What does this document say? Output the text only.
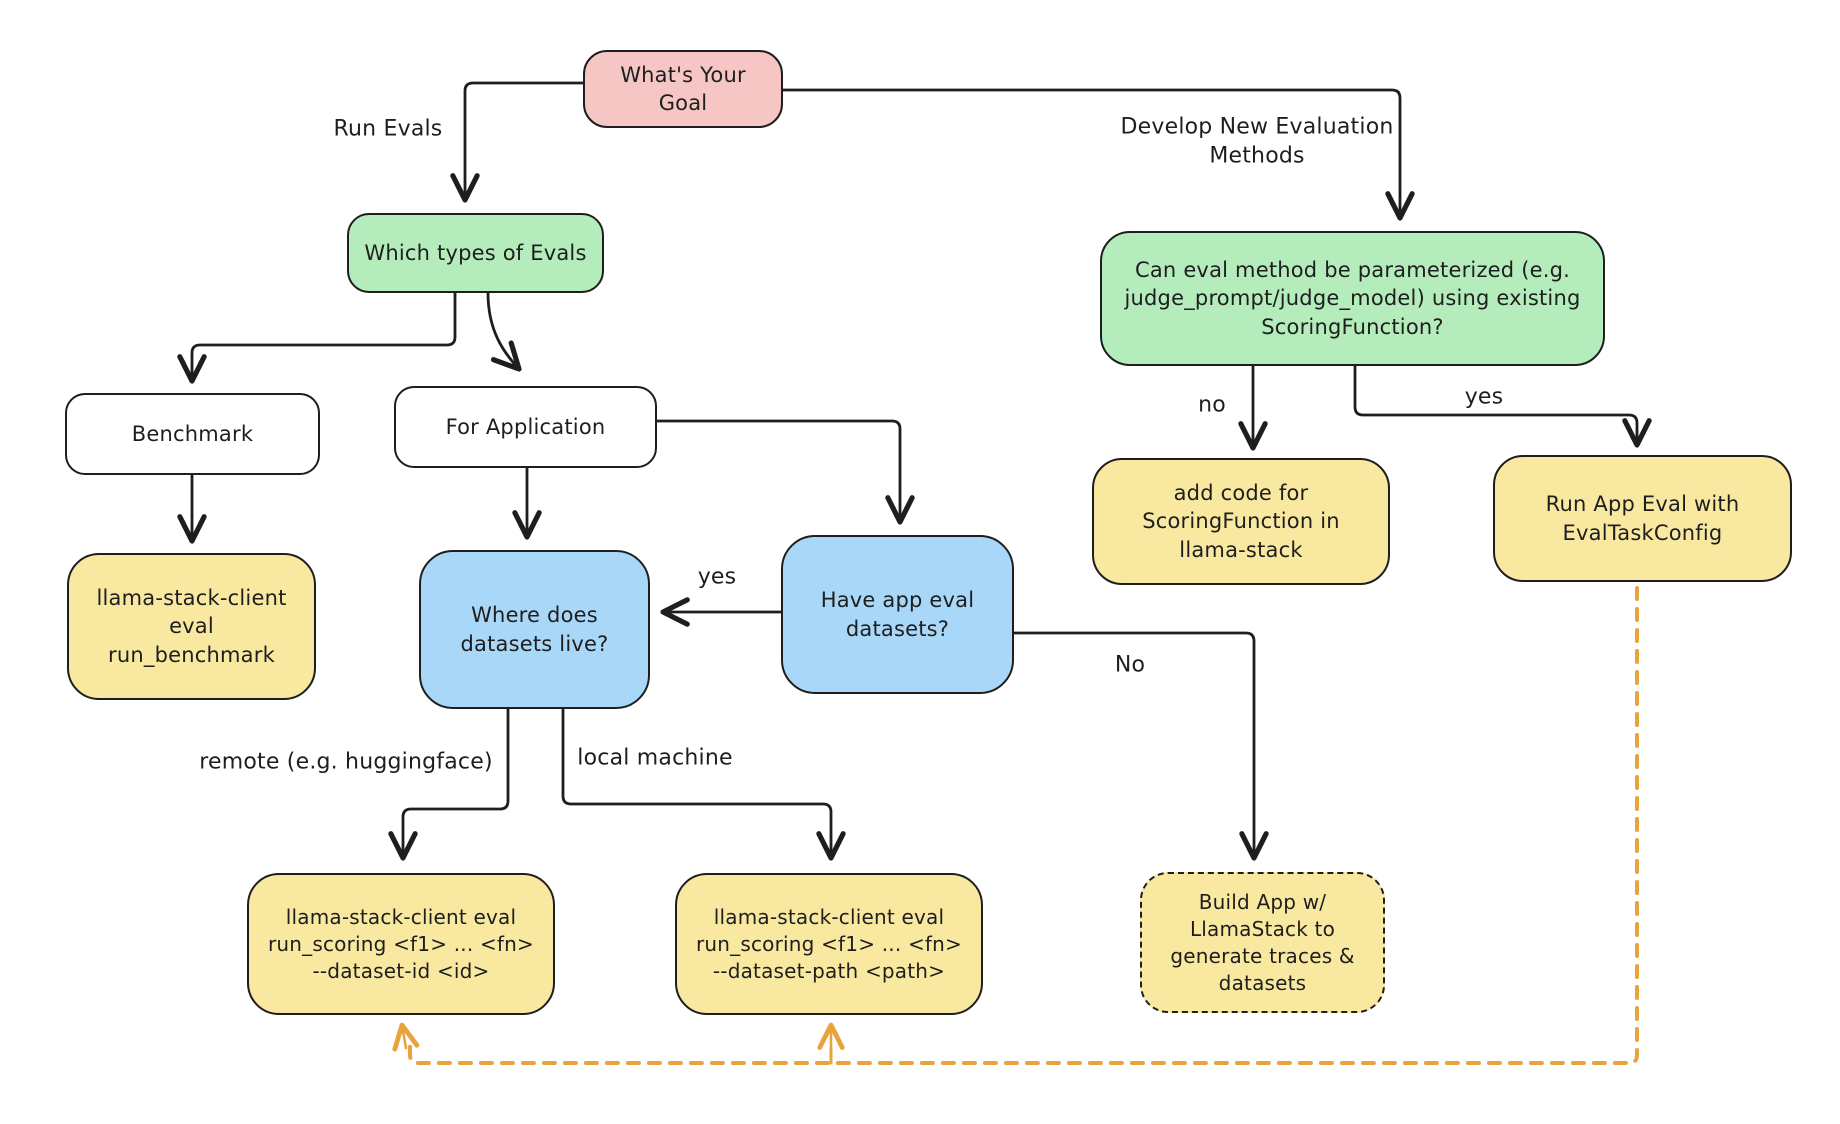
What's Your Goal
Which types of Evals
Can eval method be parameterized (e.g. judge_prompt/judge_model) using existing ScoringFunction?
Benchmark	For Application
llama-stack-client eval run_benchmark
Where does datasets live?
Have app eval datasets?
add code for ScoringFunction in llama-stack
Run App Eval with EvalTaskConfig
llama-stack-client eval run_scoring <f1> ... <fn> --dataset-id <id>
llama-stack-client eval run_scoring <f1> ... <fn> --dataset-path <path>
Build App w/ LlamaStack to generate traces & datasets
Run Evals	Develop New Evaluation Methods
no	yes
yes
No
remote (e.g. huggingface)	local machine
